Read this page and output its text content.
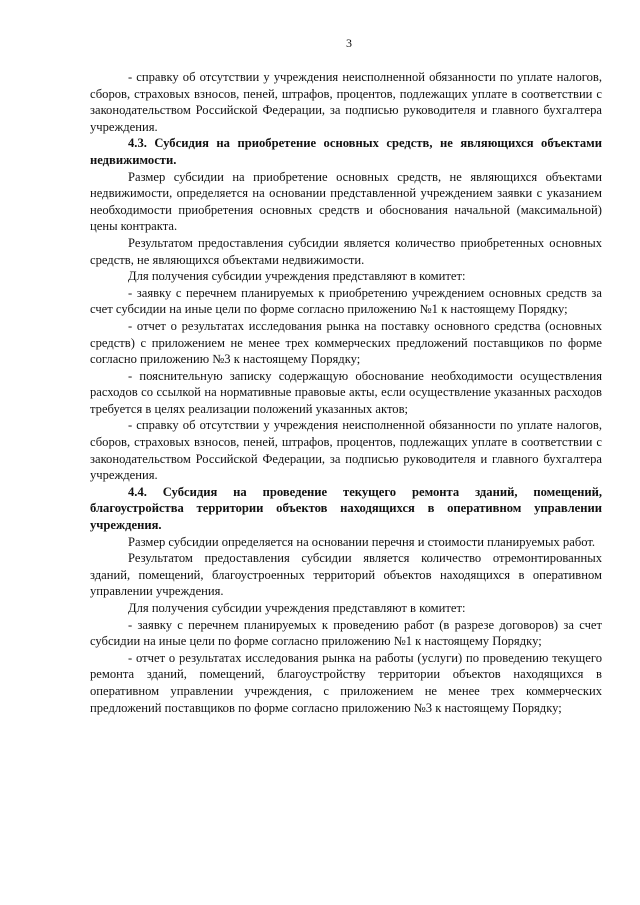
3

- справку об отсутствии у учреждения неисполненной обязанности по уплате налогов, сборов, страховых взносов, пеней, штрафов, процентов, подлежащих уплате в соответствии с законодательством Российской Федерации, за подписью руководителя и главного бухгалтера учреждения.

4.3. Субсидия на приобретение основных средств, не являющихся объектами недвижимости.

Размер субсидии на приобретение основных средств, не являющихся объектами недвижимости, определяется на основании представленной учреждением заявки с указанием необходимости приобретения основных средств и обоснования начальной (максимальной) цены контракта.

Результатом предоставления субсидии является количество приобретенных основных средств, не являющихся объектами недвижимости.

Для получения субсидии учреждения представляют в комитет:

- заявку с перечнем планируемых к приобретению учреждением основных средств за счет субсидии на иные цели по форме согласно приложению №1 к настоящему Порядку;

- отчет о результатах исследования рынка на поставку основного средства (основных средств) с приложением не менее трех коммерческих предложений поставщиков по форме согласно приложению №3 к настоящему Порядку;

- пояснительную записку содержащую обоснование необходимости осуществления расходов со ссылкой на нормативные правовые акты, если осуществление указанных расходов требуется в целях реализации положений указанных актов;

- справку об отсутствии у учреждения неисполненной обязанности по уплате налогов, сборов, страховых взносов, пеней, штрафов, процентов, подлежащих уплате в соответствии с законодательством Российской Федерации, за подписью руководителя и главного бухгалтера учреждения.

4.4. Субсидия на проведение текущего ремонта зданий, помещений, благоустройства территории объектов находящихся в оперативном управлении учреждения.

Размер субсидии определяется на основании перечня и стоимости планируемых работ.

Результатом предоставления субсидии является количество отремонтированных зданий, помещений, благоустроенных территорий объектов находящихся в оперативном управлении учреждения.

Для получения субсидии учреждения представляют в комитет:

- заявку с перечнем планируемых к проведению работ (в разрезе договоров) за счет субсидии на иные цели по форме согласно приложению №1 к настоящему Порядку;

- отчет о результатах исследования рынка на работы (услуги) по проведению текущего ремонта зданий, помещений, благоустройству территории объектов находящихся в оперативном управлении учреждения, с приложением не менее трех коммерческих предложений поставщиков по форме согласно приложению №3 к настоящему Порядку;
